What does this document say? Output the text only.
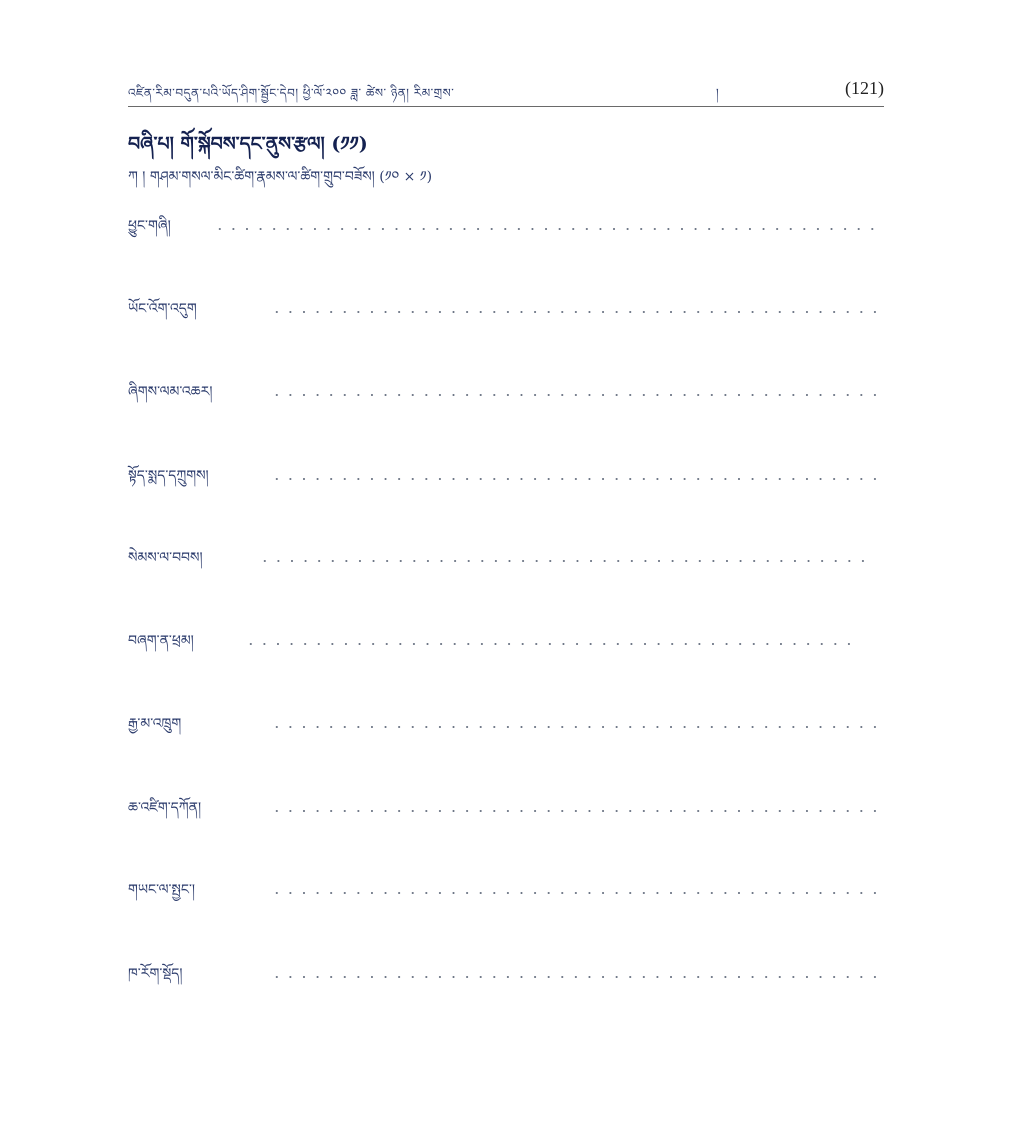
འཛིན་རིམ་བདུན་པའི་ཡོད་ཤིག་སྦྱོང་དེབ། ཕྱི་ལོ་༢༠༠ ཟླ་ ཚེས་ ཉིན། རིམ་གྲས་	།	(121)
བཞི་པ། གོ་སྐོབས་དང་ནུས་རྩལ། (༡༡)
ཀ ། གཤམ་གསལ་མིང་ཚིག་རྣམས་ལ་ཚིག་གྲུབ་བཟོས། (༡༠ × ༡)
ཕྱུང་གཞི།
ཡོང་འོག་འདུག
ཞིགས་ལམ་འཆར།
སྟོད་སྨད་དཀྲུགས།
སེམས་ལ་བབས།
བཞག་ན་ཕྲམ།
རྒྱ་མ་འཁྲུག
ཆ་འཛིག་དཀོན།
གཡང་ལ་སྤྱང་།
ཁ་རོག་སྡོད།
